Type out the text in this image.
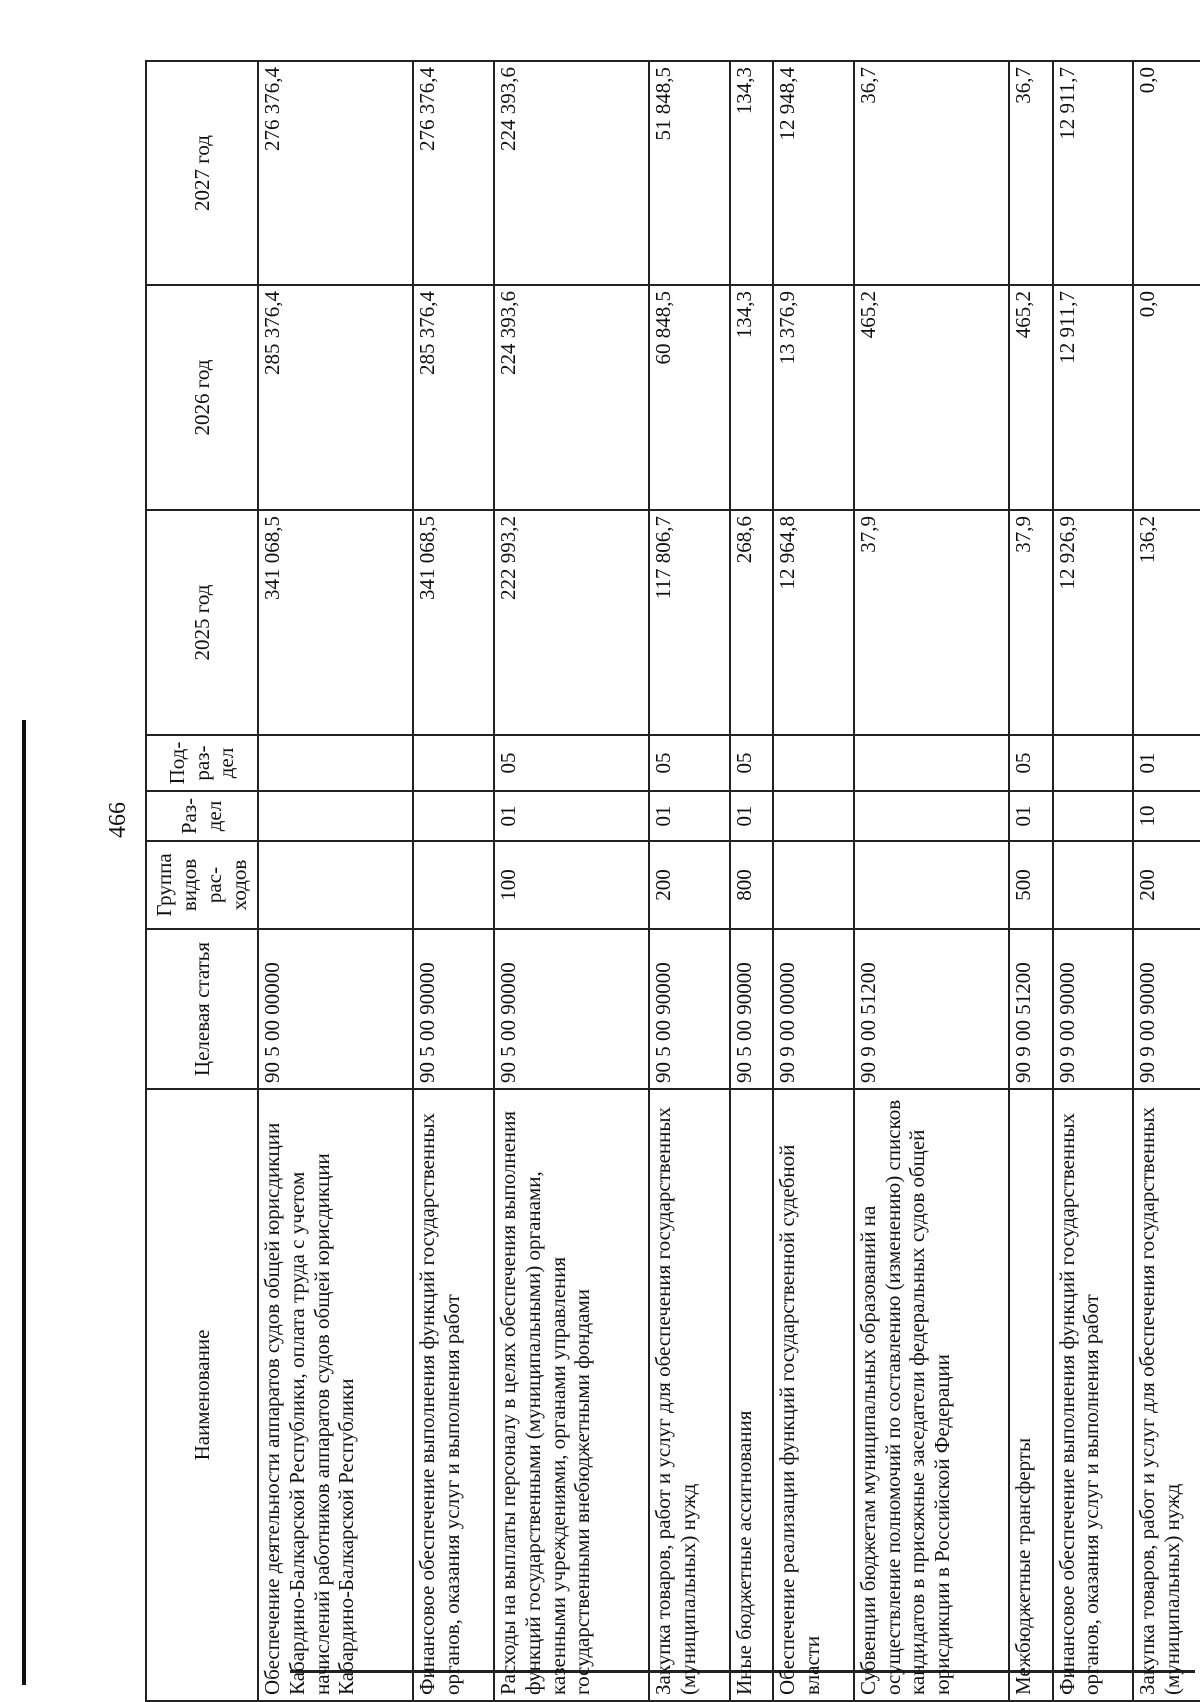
466
Наименование	Целевая статья	Группа видов рас-ходов	Раз-дел	Под-раз-дел	2025 год	2026 год	2027 год
Обеспечение деятельности аппаратов судов общей юрисдикции Кабардино-Балкарской Республики, оплата труда с учетом начислений работников аппаратов судов общей юрисдикции Кабардино-Балкарской Республики	90 5 00 00000				341 068,5	285 376,4	276 376,4
Финансовое обеспечение выполнения функций государственных органов, оказания услуг и выполнения работ	90 5 00 90000				341 068,5	285 376,4	276 376,4
Расходы на выплаты персоналу в целях обеспечения выполнения функций государственными (муниципальными) органами, казенными учреждениями, органами управления государственными внебюджетными фондами	90 5 00 90000	100	01	05	222 993,2	224 393,6	224 393,6
Закупка товаров, работ и услуг для обеспечения государственных (муниципальных) нужд	90 5 00 90000	200	01	05	117 806,7	60 848,5	51 848,5
Иные бюджетные ассигнования	90 5 00 90000	800	01	05	268,6	134,3	134,3
Обеспечение реализации функций государственной судебной власти	90 9 00 00000				12 964,8	13 376,9	12 948,4
Субвенции бюджетам муниципальных образований на осуществление полномочий по составлению (изменению) списков кандидатов в присяжные заседатели федеральных судов общей юрисдикции в Российской Федерации	90 9 00 51200				37,9	465,2	36,7
Межбюджетные трансферты	90 9 00 51200	500	01	05	37,9	465,2	36,7
Финансовое обеспечение выполнения функций государственных органов, оказания услуг и выполнения работ	90 9 00 90000				12 926,9	12 911,7	12 911,7
Закупка товаров, работ и услуг для обеспечения государственных (муниципальных) нужд	90 9 00 90000	200	10	01	136,2	0,0	0,0
